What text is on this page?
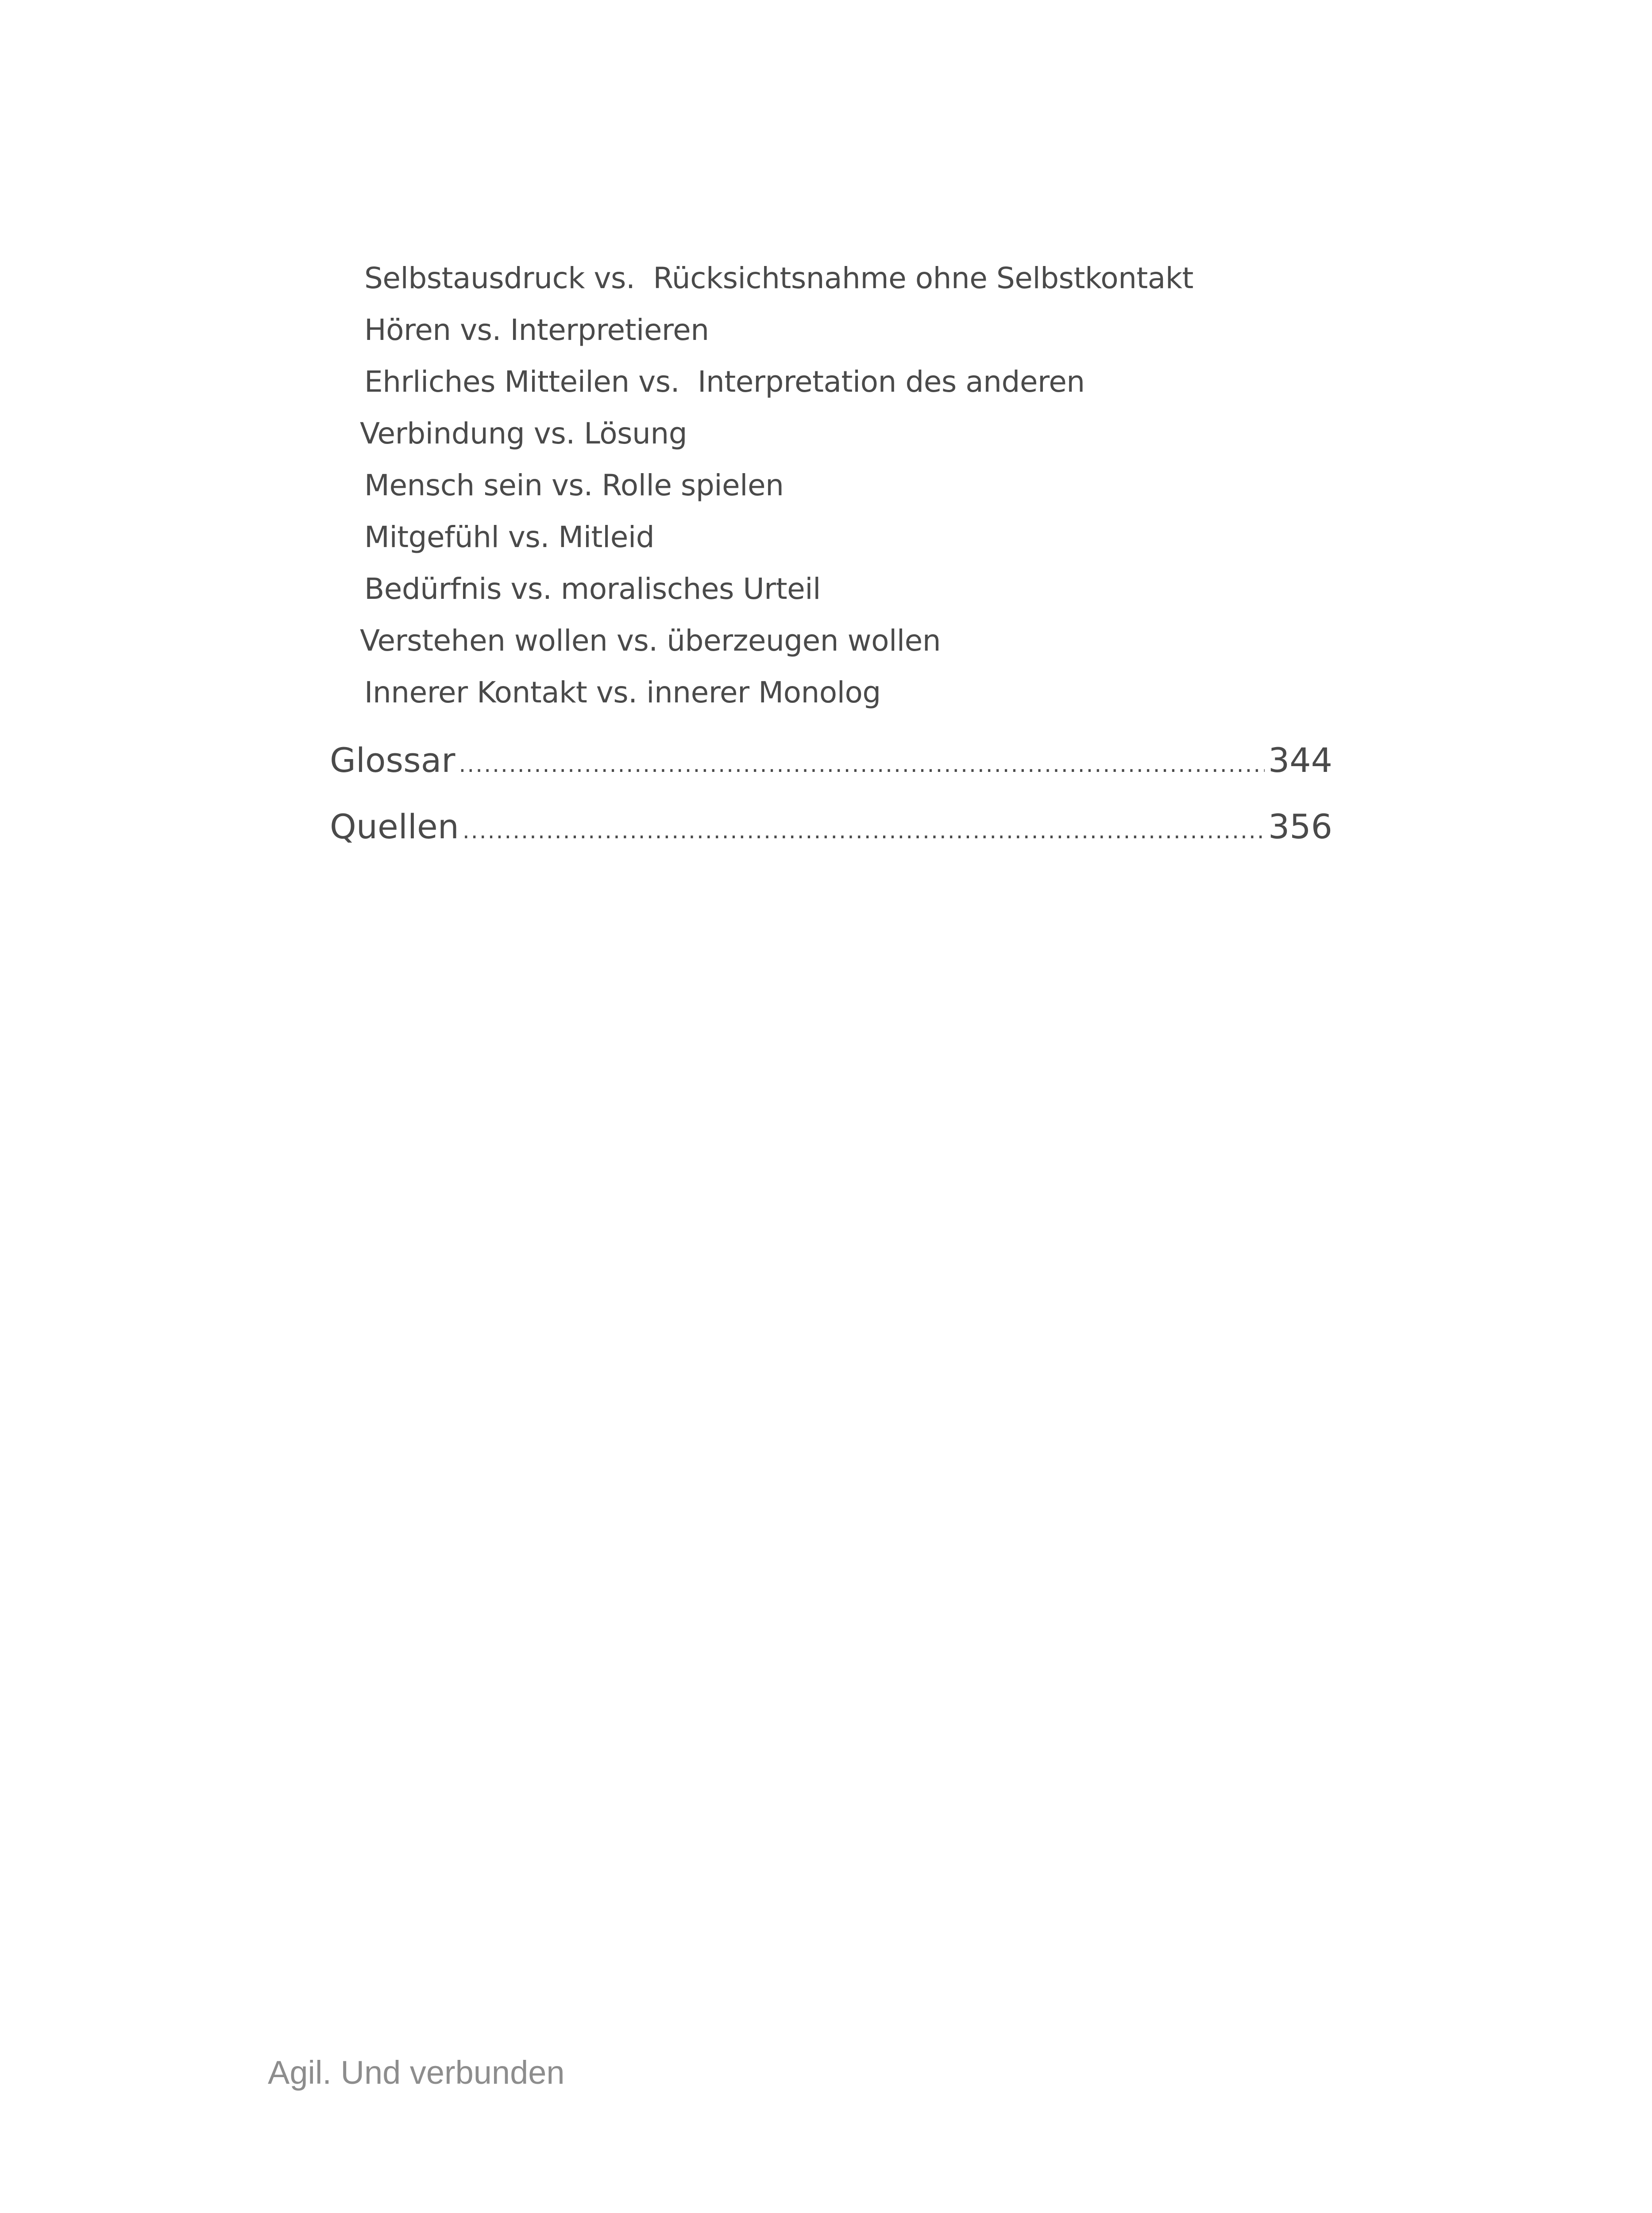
Selbstausdruck vs.  Rücksichtsnahme ohne Selbstkontakt
Hören vs. Interpretieren
Ehrliches Mitteilen vs.  Interpretation des anderen
Verbindung vs. Lösung
Mensch sein vs. Rolle spielen
Mitgefühl vs. Mitleid
Bedürfnis vs. moralisches Urteil
Verstehen wollen vs. überzeugen wollen
Innerer Kontakt vs. innerer Monolog
Glossar .....	344
Quellen .....	356
Agil. Und verbunden
